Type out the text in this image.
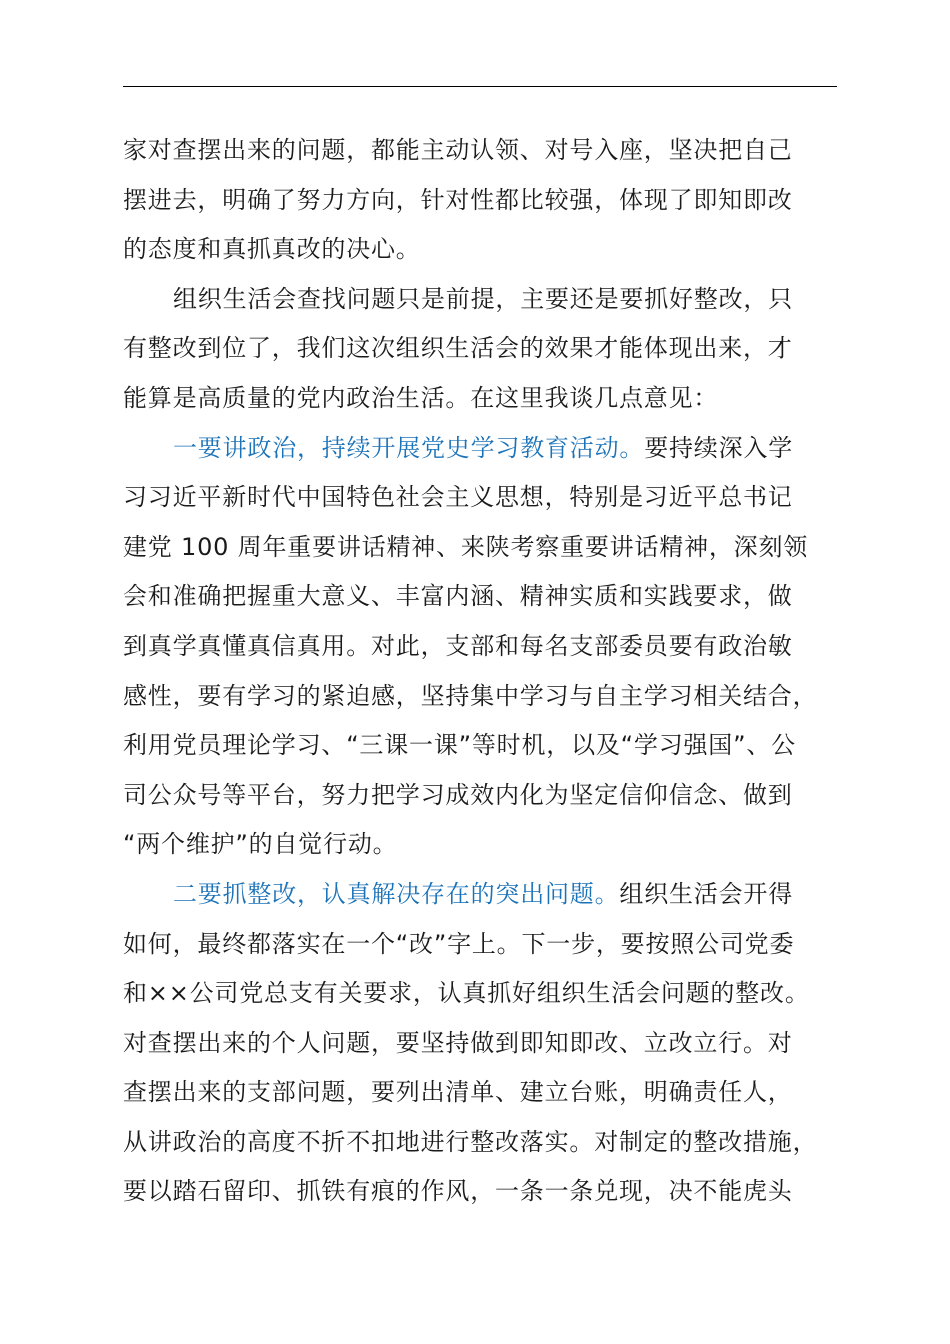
家对查摆出来的问题，都能主动认领、对号入座，坚决把自己
摆进去，明确了努力方向，针对性都比较强，体现了即知即改
的态度和真抓真改的决心。
组织生活会查找问题只是前提，主要还是要抓好整改，只
有整改到位了，我们这次组织生活会的效果才能体现出来，才
能算是高质量的党内政治生活。在这里我谈几点意见：
一要讲政治，持续开展党史学习教育活动。要持续深入学
习习近平新时代中国特色社会主义思想，特别是习近平总书记
建党 100 周年重要讲话精神、来陕考察重要讲话精神，深刻领
会和准确把握重大意义、丰富内涵、精神实质和实践要求，做
到真学真懂真信真用。对此，支部和每名支部委员要有政治敏
感性，要有学习的紧迫感，坚持集中学习与自主学习相关结合，
利用党员理论学习、“三课一课”等时机，以及“学习强国”、公
司公众号等平台，努力把学习成效内化为坚定信仰信念、做到
“两个维护”的自觉行动。
二要抓整改，认真解决存在的突出问题。组织生活会开得
如何，最终都落实在一个“改”字上。下一步，要按照公司党委
和××公司党总支有关要求，认真抓好组织生活会问题的整改。
对查摆出来的个人问题，要坚持做到即知即改、立改立行。对
查摆出来的支部问题，要列出清单、建立台账，明确责任人，
从讲政治的高度不折不扣地进行整改落实。对制定的整改措施，
要以踏石留印、抓铁有痕的作风，一条一条兑现，决不能虎头
